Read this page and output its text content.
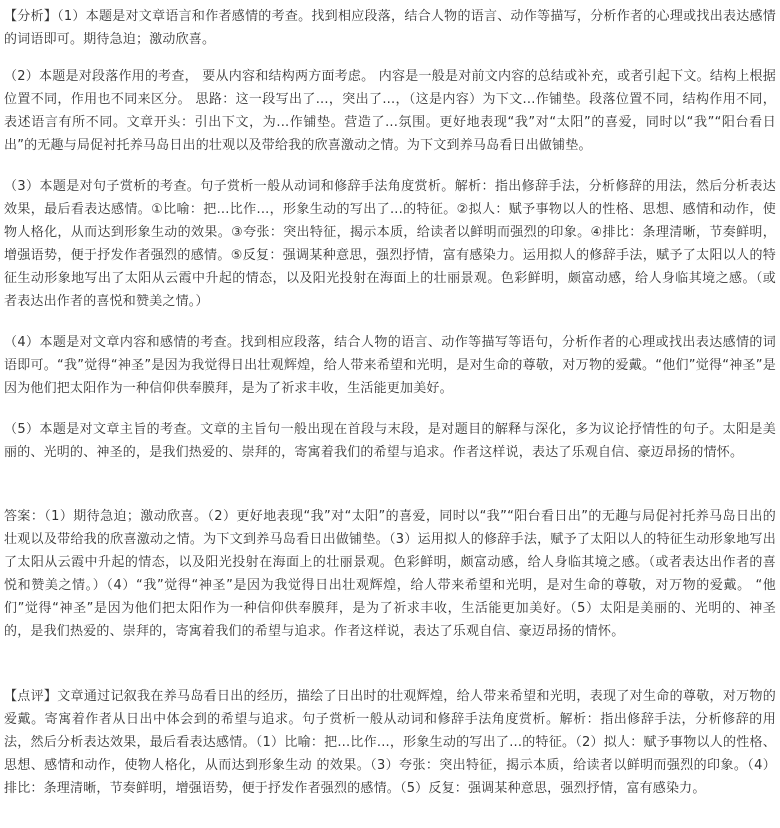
【分析】（1）本题是对文章语言和作者感情的考查。找到相应段落，结合人物的语言、动作等描写，分析作者的心理或找出表达感情的词语即可。期待急迫；激动欣喜。

（2）本题是对段落作用的考查， 要从内容和结构两方面考虑。 内容是一般是对前文内容的总结或补充，或者引起下文。结构上根据位置不同，作用也不同来区分。 思路：这一段写出了...，突出了...，（这是内容）为下文...作铺垫。段落位置不同，结构作用不同，表述语言有所不同。文章开头：引出下文，为...作铺垫。营造了...氛围。更好地表现“我”对“太阳”的喜爱，同时以“我”“阳台看日出”的无趣与局促衬托养马岛日出的壮观以及带给我的欣喜激动之情。为下文到养马岛看日出做铺垫。

（3）本题是对句子赏析的考查。句子赏析一般从动词和修辞手法角度赏析。解析：指出修辞手法，分析修辞的用法，然后分析表达效果，最后看表达感情。①比喻：把...比作...，形象生动的写出了...的特征。②拟人：赋予事物以人的性格、思想、感情和动作，使物人格化，从而达到形象生动的效果。③夸张：突出特征，揭示本质，给读者以鲜明而强烈的印象。④排比：条理清晰，节奏鲜明，增强语势，便于抒发作者强烈的感情。⑤反复：强调某种意思，强烈抒情，富有感染力。运用拟人的修辞手法，赋予了太阳以人的特征生动形象地写出了太阳从云霞中升起的情态，以及阳光投射在海面上的壮丽景观。色彩鲜明，颇富动感，给人身临其境之感。（或者表达出作者的喜悦和赞美之情。）

（4）本题是对文章内容和感情的考查。找到相应段落，结合人物的语言、动作等描写等语句，分析作者的心理或找出表达感情的词语即可。“我”觉得“神圣”是因为我觉得日出壮观辉煌，给人带来希望和光明，是对生命的尊敬，对万物的爱戴。“他们”觉得“神圣”是因为他们把太阳作为一种信仰供奉膜拜，是为了祈求丰收，生活能更加美好。

（5）本题是对文章主旨的考查。文章的主旨句一般出现在首段与末段，是对题目的解释与深化，多为议论抒情性的句子。太阳是美丽的、光明的、神圣的，是我们热爱的、崇拜的，寄寓着我们的希望与追求。作者这样说，表达了乐观自信、豪迈昂扬的情怀。

答案：（1）期待急迫；激动欣喜。（2）更好地表现“我”对“太阳”的喜爱，同时以“我”“阳台看日出”的无趣与局促衬托养马岛日出的壮观以及带给我的欣喜激动之情。为下文到养马岛看日出做铺垫。（3）运用拟人的修辞手法，赋予了太阳以人的特征生动形象地写出了太阳从云霞中升起的情态，以及阳光投射在海面上的壮丽景观。色彩鲜明，颇富动感，给人身临其境之感。（或者表达出作者的喜悦和赞美之情。）（4）“我”觉得“神圣”是因为我觉得日出壮观辉煌，给人带来希望和光明，是对生命的尊敬，对万物的爱戴。 “他们”觉得“神圣”是因为他们把太阳作为一种信仰供奉膜拜，是为了祈求丰收，生活能更加美好。（5）太阳是美丽的、光明的、神圣的，是我们热爱的、崇拜的，寄寓着我们的希望与追求。作者这样说，表达了乐观自信、豪迈昂扬的情怀。

【点评】文章通过记叙我在养马岛看日出的经历，描绘了日出时的壮观辉煌，给人带来希望和光明，表现了对生命的尊敬，对万物的爱戴。寄寓着作者从日出中体会到的希望与追求。句子赏析一般从动词和修辞手法角度赏析。解析：指出修辞手法，分析修辞的用法，然后分析表达效果，最后看表达感情。（1）比喻：把...比作...，形象生动的写出了...的特征。（2）拟人：赋予事物以人的性格、思想、感情和动作，使物人格化，从而达到形象生动 的效果。（3）夸张：突出特征，揭示本质，给读者以鲜明而强烈的印象。（4）排比：条理清晰，节奏鲜明，增强语势，便于抒发作者强烈的感情。（5）反复：强调某种意思，强烈抒情，富有感染力。
